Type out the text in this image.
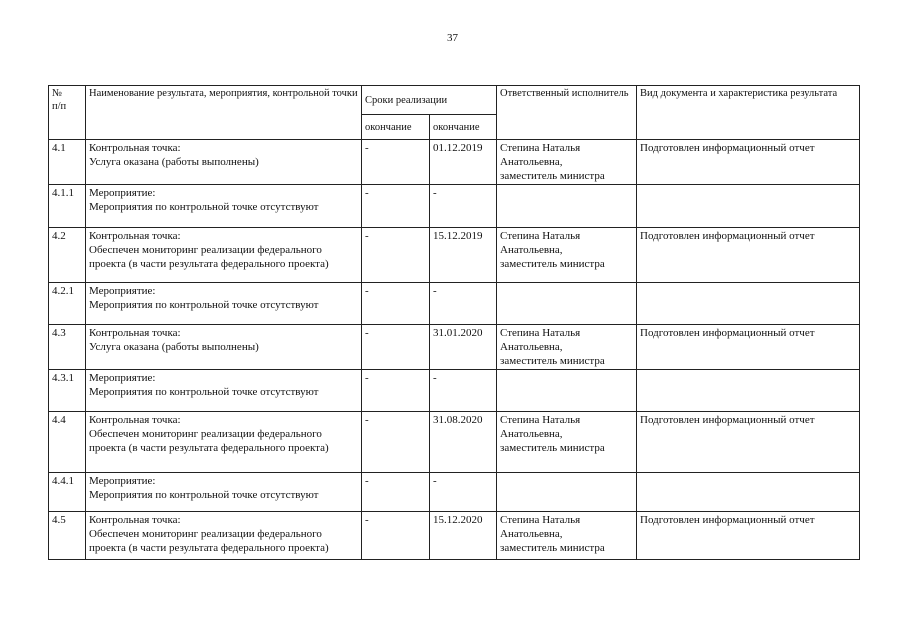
37
№
п/п	Наименование результата, мероприятия, контрольной точки	Сроки реализации		Ответственный исполнитель	Вид документа и характеристика результата
		окончание	окончание		
4.1	Контрольная точка:
Услуга оказана (работы выполнены)	-	01.12.2019	Степина Наталья
Анатольевна,
заместитель министра	Подготовлен информационный отчет
4.1.1	Мероприятие:
Мероприятия по контрольной точке отсутствуют	-	-	

4.2	Контрольная точка:
Обеспечен мониторинг реализации федерального проекта (в части результата федерального проекта)	-	15.12.2019	Степина Наталья
Анатольевна,
заместитель министра	Подготовлен информационный отчет
4.2.1	Мероприятие:
Мероприятия по контрольной точке отсутствуют	-	-	

4.3	Контрольная точка:
Услуга оказана (работы выполнены)	-	31.01.2020	Степина Наталья
Анатольевна,
заместитель министра	Подготовлен информационный отчет
4.3.1	Мероприятие:
Мероприятия по контрольной точке отсутствуют	-	-	

4.4	Контрольная точка:
Обеспечен мониторинг реализации федерального проекта (в части результата федерального проекта)	-	31.08.2020	Степина Наталья
Анатольевна,
заместитель министра	Подготовлен информационный отчет
4.4.1	Мероприятие:
Мероприятия по контрольной точке отсутствуют	-	-	

4.5	Контрольная точка:
Обеспечен мониторинг реализации федерального проекта (в части результата федерального проекта)	-	15.12.2020	Степина Наталья
Анатольевна,
заместитель министра	Подготовлен информационный отчет
